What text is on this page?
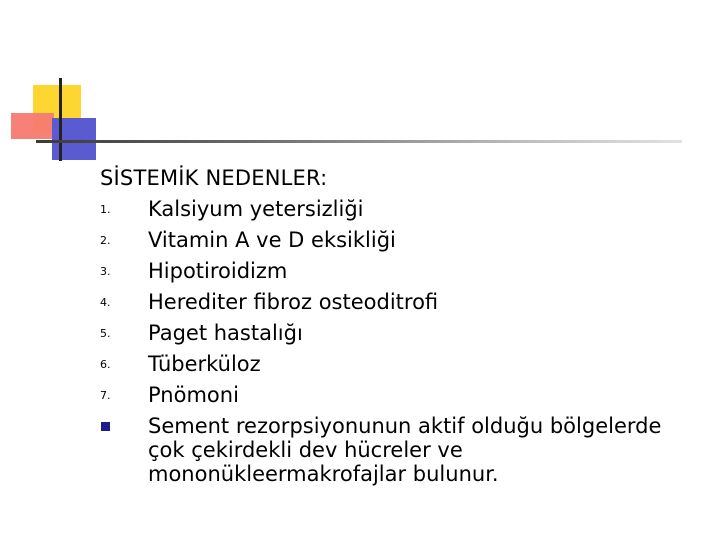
SİSTEMİK NEDENLER:
1.	Kalsiyum yetersizliği
2.	Vitamin A ve D eksikliği
3.	Hipotiroidizm
4.	Herediter fibroz osteoditrofi
5.	Paget hastalığı
6.	Tüberküloz
7.	Pnömoni
Sement rezorpsiyonunun aktif olduğu bölgelerde çok çekirdekli dev hücreler ve mononükleermakrofajlar bulunur.
